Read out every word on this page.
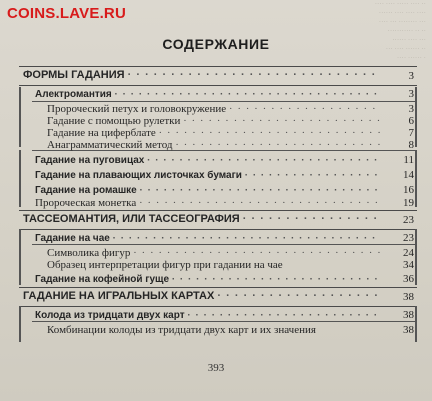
···· ···· ····· ···· ··
······ ···· ···· ····
···· ··· ········ ···
··········· ·· ··
······ ···· ···
··· ···· ······ ··
···· ······ ·
COINS.LAVE.RU
СОДЕРЖАНИЕ
ФОРМЫ ГАДАНИЯ · · · · · · · · · · · · · · · · · · · · · · · · · · · · ·	3
Алектромантия · · · · · · · · · · · · · · · · · · · · · · · · · · · · · · · · ·	3
Пророческий петух и головокружение · · · · · · · · · · · · · · · · · ·	3
Гадание с помощью рулетки · · · · · · · · · · · · · · · · · · · · · · · ·	6
Гадание на циферблате · · · · · · · · · · · · · · · · · · · · · · · · · · ·	7
Анаграмматический метод · · · · · · · · · · · · · · · · · · · · · · · · ·	8
Гадание на пуговицах · · · · · · · · · · · · · · · · · · · · · · · · · · · · ·	11
Гадание на плавающих листочках бумаги · · · · · · · · · · · · · · · · ·	14
Гадание на ромашке · · · · · · · · · · · · · · · · · · · · · · · · · · · · · ·	16
Пророческая монетка · · · · · · · · · · · · · · · · · · · · · · · · · · · · ·	19
ТАССЕОМАНТИЯ, ИЛИ ТАССЕОГРАФИЯ · · · · · · · · · · · · · · · ·	23
Гадание на чае · · · · · · · · · · · · · · · · · · · · · · · · · · · · · · · · ·	23
Символика фигур · · · · · · · · · · · · · · · · · · · · · · · · · · · · · ·	24
Образец интерпретации фигур при гадании на чае	34
Гадание на кофейной гуще · · · · · · · · · · · · · · · · · · · · · · · · · ·	36
ГАДАНИЕ НА ИГРАЛЬНЫХ КАРТАХ · · · · · · · · · · · · · · · · · · ·	38
Колода из тридцати двух карт · · · · · · · · · · · · · · · · · · · · · · · ·	38
Комбинации колоды из тридцати двух карт и их значения	38
393
